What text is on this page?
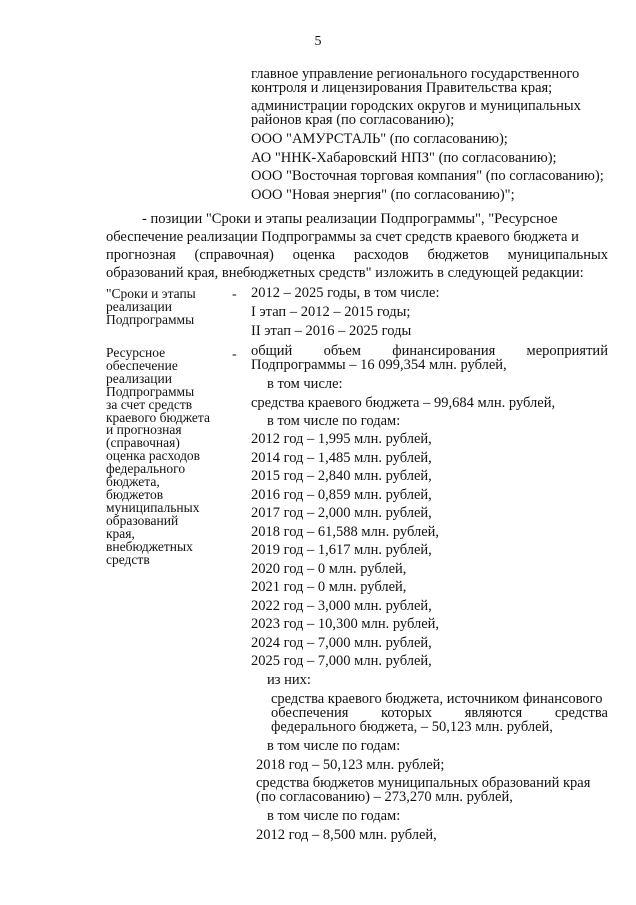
5
главное управление регионального государственного
контроля и лицензирования Правительства края;
администрации городских округов и муниципальных
районов края (по согласованию);
ООО "АМУРСТАЛЬ" (по согласованию);
АО "ННК-Хабаровский НПЗ" (по согласованию);
ООО "Восточная торговая компания" (по согласованию);
ООО "Новая энергия" (по согласованию)";
- позиции "Сроки и этапы реализации Подпрограммы", "Ресурсное
обеспечение реализации Подпрограммы за счет средств краевого бюджета и
прогнозная (справочная) оценка расходов бюджетов муниципальных
образований края, внебюджетных средств" изложить в следующей редакции:
"Сроки и этапы
реализации
Подпрограммы
- 2012 – 2025 годы, в том числе:
I этап – 2012 – 2015 годы;
II этап – 2016 – 2025 годы
Ресурсное
обеспечение
реализации
Подпрограммы
за счет средств
краевого бюджета
и прогнозная
(справочная)
оценка расходов
федерального
бюджета,
бюджетов
муниципальных
образований
края,
внебюджетных
средств
- общий объем финансирования мероприятий
Подпрограммы – 16 099,354 млн. рублей,
в том числе:
средства краевого бюджета – 99,684 млн. рублей,
в том числе по годам:
2012 год – 1,995 млн. рублей,
2014 год – 1,485 млн. рублей,
2015 год – 2,840 млн. рублей,
2016 год – 0,859 млн. рублей,
2017 год – 2,000 млн. рублей,
2018 год – 61,588 млн. рублей,
2019 год – 1,617 млн. рублей,
2020 год – 0 млн. рублей,
2021 год – 0 млн. рублей,
2022 год – 3,000 млн. рублей,
2023 год – 10,300 млн. рублей,
2024 год – 7,000 млн. рублей,
2025 год – 7,000 млн. рублей,
из них:
средства краевого бюджета, источником финансового
обеспечения которых являются средства
федерального бюджета, – 50,123 млн. рублей,
в том числе по годам:
2018 год – 50,123 млн. рублей;
средства бюджетов муниципальных образований края
(по согласованию) – 273,270 млн. рублей,
в том числе по годам:
2012 год – 8,500 млн. рублей,
